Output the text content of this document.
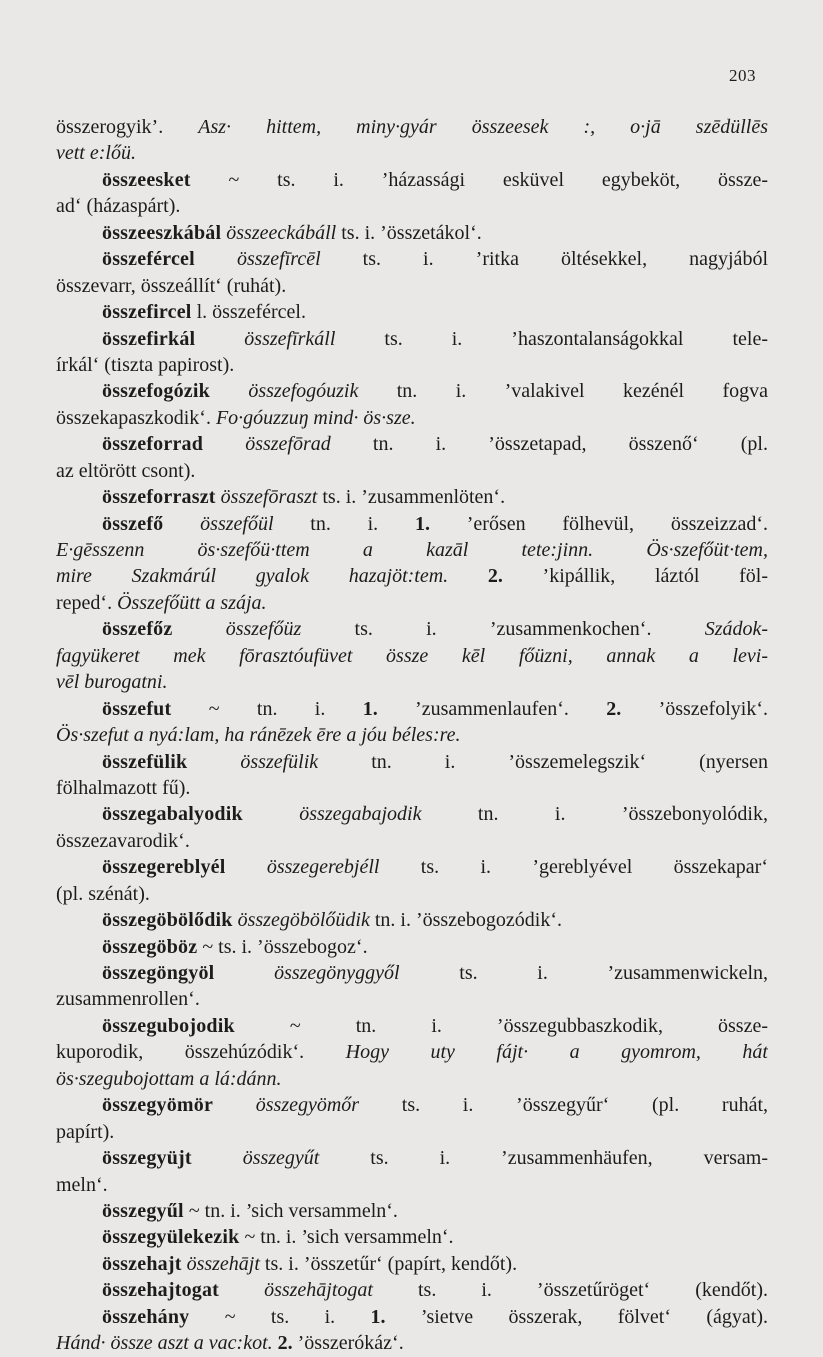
203
összerogyik’. Asz· hittem, miny·gyár összeesek :, o·jā szēdüllēs
vett e:lőü.
összeesket ~ ts. i. ’házassági esküvel egybeköt, össze-
ad‘ (házaspárt).
összeeszkábál összeeckábáll ts. i. ’összetákol‘.
összefércel összefīrcēl ts. i. ’ritka öltésekkel, nagyjából
összevarr, összeállít‘ (ruhát).
összefircel l. összefércel.
összefirkál összefīrkáll ts. i. ’haszontalanságokkal tele-
írkál‘ (tiszta papirost).
összefogózik összefogóuzik tn. i. ’valakivel kezénél fogva
összekapaszkodik‘. Fo·góuzzuŋ mind· ös·sze.
összeforrad összefōrad tn. i. ’összetapad, összenő‘ (pl.
az eltörött csont).
összeforraszt összefōraszt ts. i. ’zusammenlöten‘.
összefő összefőül tn. i. 1. ’erősen fölhevül, összeizzad‘.
E·gēsszenn ös·szefőü·ttem a kazāl tete:jinn. Ös·szefőüt·tem,
mire Szakmárúl gyalok hazajöt:tem. 2. ’kipállik, láztól föl-
reped‘. Összefőütt a szája.
összefőz	összefőüz ts. i. ’zusammenkochen‘. Szádok-
fagyükeret mek fōrasztóufüvet össze kēl főüzni, annak a levi-
vēl burogatni.
összefut ~ tn. i. 1. ’zusammenlaufen‘. 2. ’összefolyik‘.
Ös·szefut a nyá:lam, ha ránēzek ēre a jóu béles:re.
összefülik	összefülik tn. i. ’összemelegszik‘ (nyersen
fölhalmazott fű).
összegabalyodik	összegabajodik tn. i. ’összebonyolódik,
összezavarodik‘.
összegereblyél összegerebjéll ts. i. ’gereblyével összekapar‘
(pl. szénát).
összegöbölődik összegöbölőüdik tn. i. ’összebogozódik‘.
összegöböz ~ ts. i. ’összebogoz‘.
összegöngyöl	összegönyggyől ts. i. ’zusammenwickeln,
zusammenrollen‘.
összegubojodik ~ tn. i. ’összegubbaszkodik, össze-
kuporodik, összehúzódik‘. Hogy uty fájt· a gyomrom, hát
ös·szegubojottam a lá:dánn.
összegyömör összegyömőr ts. i. ’összegyűr‘ (pl. ruhát,
papírt).
összegyüjt	összegyűt ts. i. ’zusammenhäufen, versam-
meln‘.
összegyűl ~ tn. i. ’sich versammeln‘.
összegyülekezik ~ tn. i. ’sich versammeln‘.
összehajt összehājt ts. i. ’összetűr‘ (papírt, kendőt).
összehajtogat összehājtogat ts. i. ’összetűröget‘ (kendőt).
összehány ~ ts. i. 1. ’sietve összerak, fölvet‘ (ágyat).
Hánd· össze aszt a vac:kot. 2. ’összerókáz‘.
